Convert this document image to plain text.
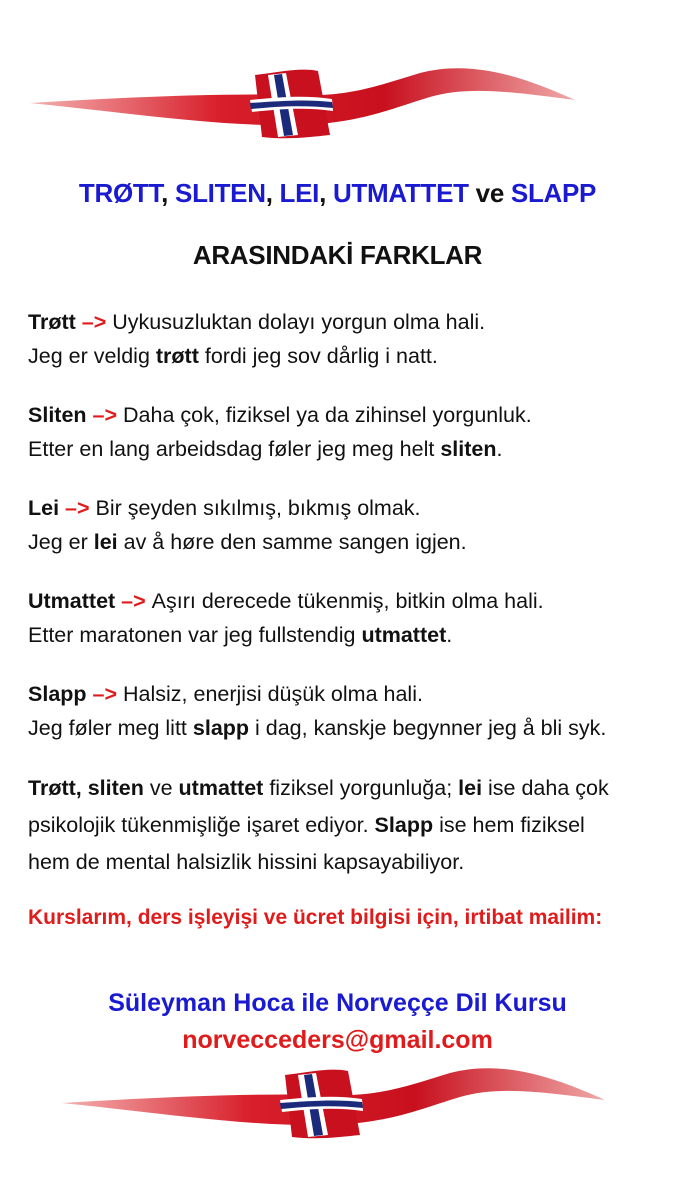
TRØTT, SLITEN, LEI, UTMATTET ve SLAPP
ARASINDAKİ FARKLAR
Trøtt –> Uykusuzluktan dolayı yorgun olma hali.
Jeg er veldig trøtt fordi jeg sov dårlig i natt.
Sliten –> Daha çok, fiziksel ya da zihinsel yorgunluk.
Etter en lang arbeidsdag føler jeg meg helt sliten.
Lei –> Bir şeyden sıkılmış, bıkmış olmak.
Jeg er lei av å høre den samme sangen igjen.
Utmattet –> Aşırı derecede tükenmiş, bitkin olma hali.
Etter maratonen var jeg fullstendig utmattet.
Slapp –> Halsiz, enerjisi düşük olma hali.
Jeg føler meg litt slapp i dag, kanskje begynner jeg å bli syk.
Trøtt, sliten ve utmattet fiziksel yorgunluğa; lei ise daha çok
psikolojik tükenmişliğe işaret ediyor. Slapp ise hem fiziksel
hem de mental halsizlik hissini kapsayabiliyor.
Kurslarım, ders işleyişi ve ücret bilgisi için, irtibat mailim:
Süleyman Hoca ile Norveççe Dil Kursu
norvecceders@gmail.com
